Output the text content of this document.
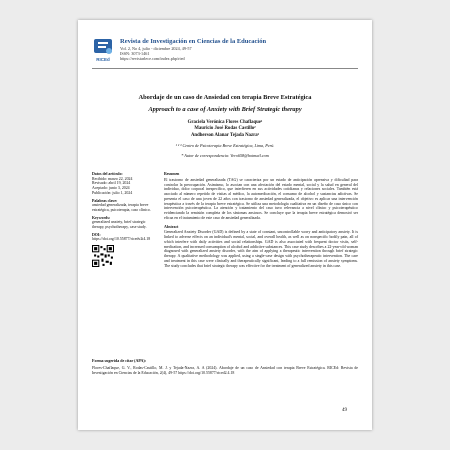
RICEd
Revista de Investigación en Ciencias de la Educación
Vol. 2, No 4, julio - diciembre 2024, 49-57
ISSN: 3073-1461
https://revistarlece.com/index.php/ried
Abordaje de un caso de Ansiedad con terapia Breve Estratégica
Approach to a case of Anxiety with Brief Strategic therapy
Graciela Verónica Flores Chaflaque¹
Mauricio José Rodas Castillo²
Andherson Alanar Tejada Nazra³
¹ ² ³ Centro de Psicoterapia Breve Estratégica, Lima, Perú.
* Autor de correspondencia: Vero658@hotmail.com
Datos del artículo:
Recibido: marzo 22, 2024
Revisado: abril 19, 2024
Aceptado: junio 3, 2024
Publicación: julio 1, 2024
Palabras clave:
ansiedad generalizada, terapia breve estratégica, psicoterapia, caso clínico.
Keywords:
generalized anxiety, brief strategic therapy, psychotherapy, case study.
DOI:
https://doi.org/10.55877/ricedv2i4.18
Resumen

El trastorno de ansiedad generalizada (TAG) se caracteriza por un estado de anticipación aprensiva y dificultad para controlar la preocupación. Asimismo, lo asocian con una afectación del estado mental, social y la salud en general del individuo, dolor corporal inespecífico, que interfieren en sus actividades cotidianas y relaciones sociales. También está asociado al número repetido de visitas al médico, la automedicación, el consumo de alcohol y sustancias adictivas. Se presenta el caso de una joven de 22 años con trastorno de ansiedad generalizada, el objetivo es aplicar una intervención terapéutica a través de la terapia breve estratégica. Se utiliza una metodología cualitativa en un diseño de caso único con intervención psicoterapéutica. La atención y tratamiento del caso tuvo relevancia a nivel clínico y psicoterapéutico evidenciando la remisión completa de los síntomas ansiosos. Se concluye que la terapia breve estratégica demostró ser eficaz en el tratamiento de este caso de ansiedad generalizada.

Abstract

Generalized Anxiety Disorder (GAD) is defined by a state of constant, uncontrollable worry and anticipatory anxiety. It is linked to adverse effects on an individual's mental, social, and overall health, as well as on nonspecific bodily pain, all of which interfere with daily activities and social relationships. GAD is also associated with frequent doctor visits, self-medication, and increased consumption of alcohol and addictive substances. This case study describes a 22-year-old woman diagnosed with generalized anxiety disorder, with the aim of applying a therapeutic intervention through brief strategic therapy. A qualitative methodology was applied, using a single-case design with psychotherapeutic intervention. The care and treatment in this case were clinically and therapeutically significant, leading to a full remission of anxiety symptoms. The study concludes that brief strategic therapy was effective for the treatment of generalized anxiety in this case.

Forma sugerida de citar (APA):
Flores-Chaflaque, G. V., Rodas-Castillo, M. J. y Tejada-Nazra, A. A (2024). Abordaje de un caso de Ansiedad con terapia Breve Estratégica. RICEd: Revista de Investigación en Ciencias de la Educación, 2(4), 49-57 https://doi.org/10.55877/riced2.4.18
49
